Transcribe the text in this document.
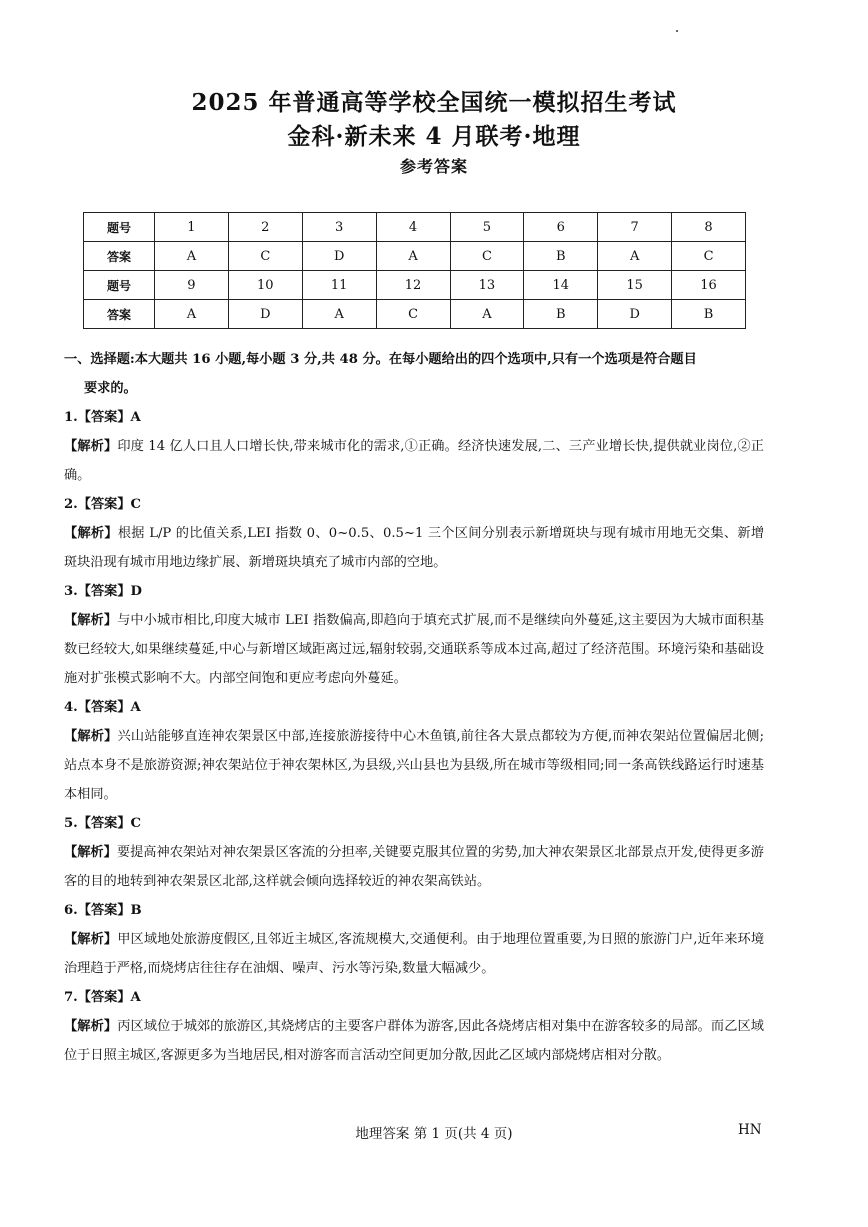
2025 年普通高等学校全国统一模拟招生考试
金科·新未来 4 月联考·地理
参考答案
题号	1	2	3	4	5	6	7	8
答案	A	C	D	A	C	B	A	C
题号	9	10	11	12	13	14	15	16
答案	A	D	A	C	A	B	D	B
一、选择题:本大题共 16 小题,每小题 3 分,共 48 分。在每小题给出的四个选项中,只有一个选项是符合题目
要求的。
1.【答案】A
【解析】印度 14 亿人口且人口增长快,带来城市化的需求,①正确。经济快速发展,二、三产业增长快,提供就业岗位,②正确。
2.【答案】C
【解析】根据 L/P 的比值关系,LEI 指数 0、0~0.5、0.5~1 三个区间分别表示新增斑块与现有城市用地无交集、新增斑块沿现有城市用地边缘扩展、新增斑块填充了城市内部的空地。
3.【答案】D
【解析】与中小城市相比,印度大城市 LEI 指数偏高,即趋向于填充式扩展,而不是继续向外蔓延,这主要因为大城市面积基数已经较大,如果继续蔓延,中心与新增区域距离过远,辐射较弱,交通联系等成本过高,超过了经济范围。环境污染和基础设施对扩张模式影响不大。内部空间饱和更应考虑向外蔓延。
4.【答案】A
【解析】兴山站能够直连神农架景区中部,连接旅游接待中心木鱼镇,前往各大景点都较为方便,而神农架站位置偏居北侧;站点本身不是旅游资源;神农架站位于神农架林区,为县级,兴山县也为县级,所在城市等级相同;同一条高铁线路运行时速基本相同。
5.【答案】C
【解析】要提高神农架站对神农架景区客流的分担率,关键要克服其位置的劣势,加大神农架景区北部景点开发,使得更多游客的目的地转到神农架景区北部,这样就会倾向选择较近的神农架高铁站。
6.【答案】B
【解析】甲区域地处旅游度假区,且邻近主城区,客流规模大,交通便利。由于地理位置重要,为日照的旅游门户,近年来环境治理趋于严格,而烧烤店往往存在油烟、噪声、污水等污染,数量大幅减少。
7.【答案】A
【解析】丙区域位于城郊的旅游区,其烧烤店的主要客户群体为游客,因此各烧烤店相对集中在游客较多的局部。而乙区域位于日照主城区,客源更多为当地居民,相对游客而言活动空间更加分散,因此乙区域内部烧烤店相对分散。
地理答案 第 1 页(共 4 页)	HN
